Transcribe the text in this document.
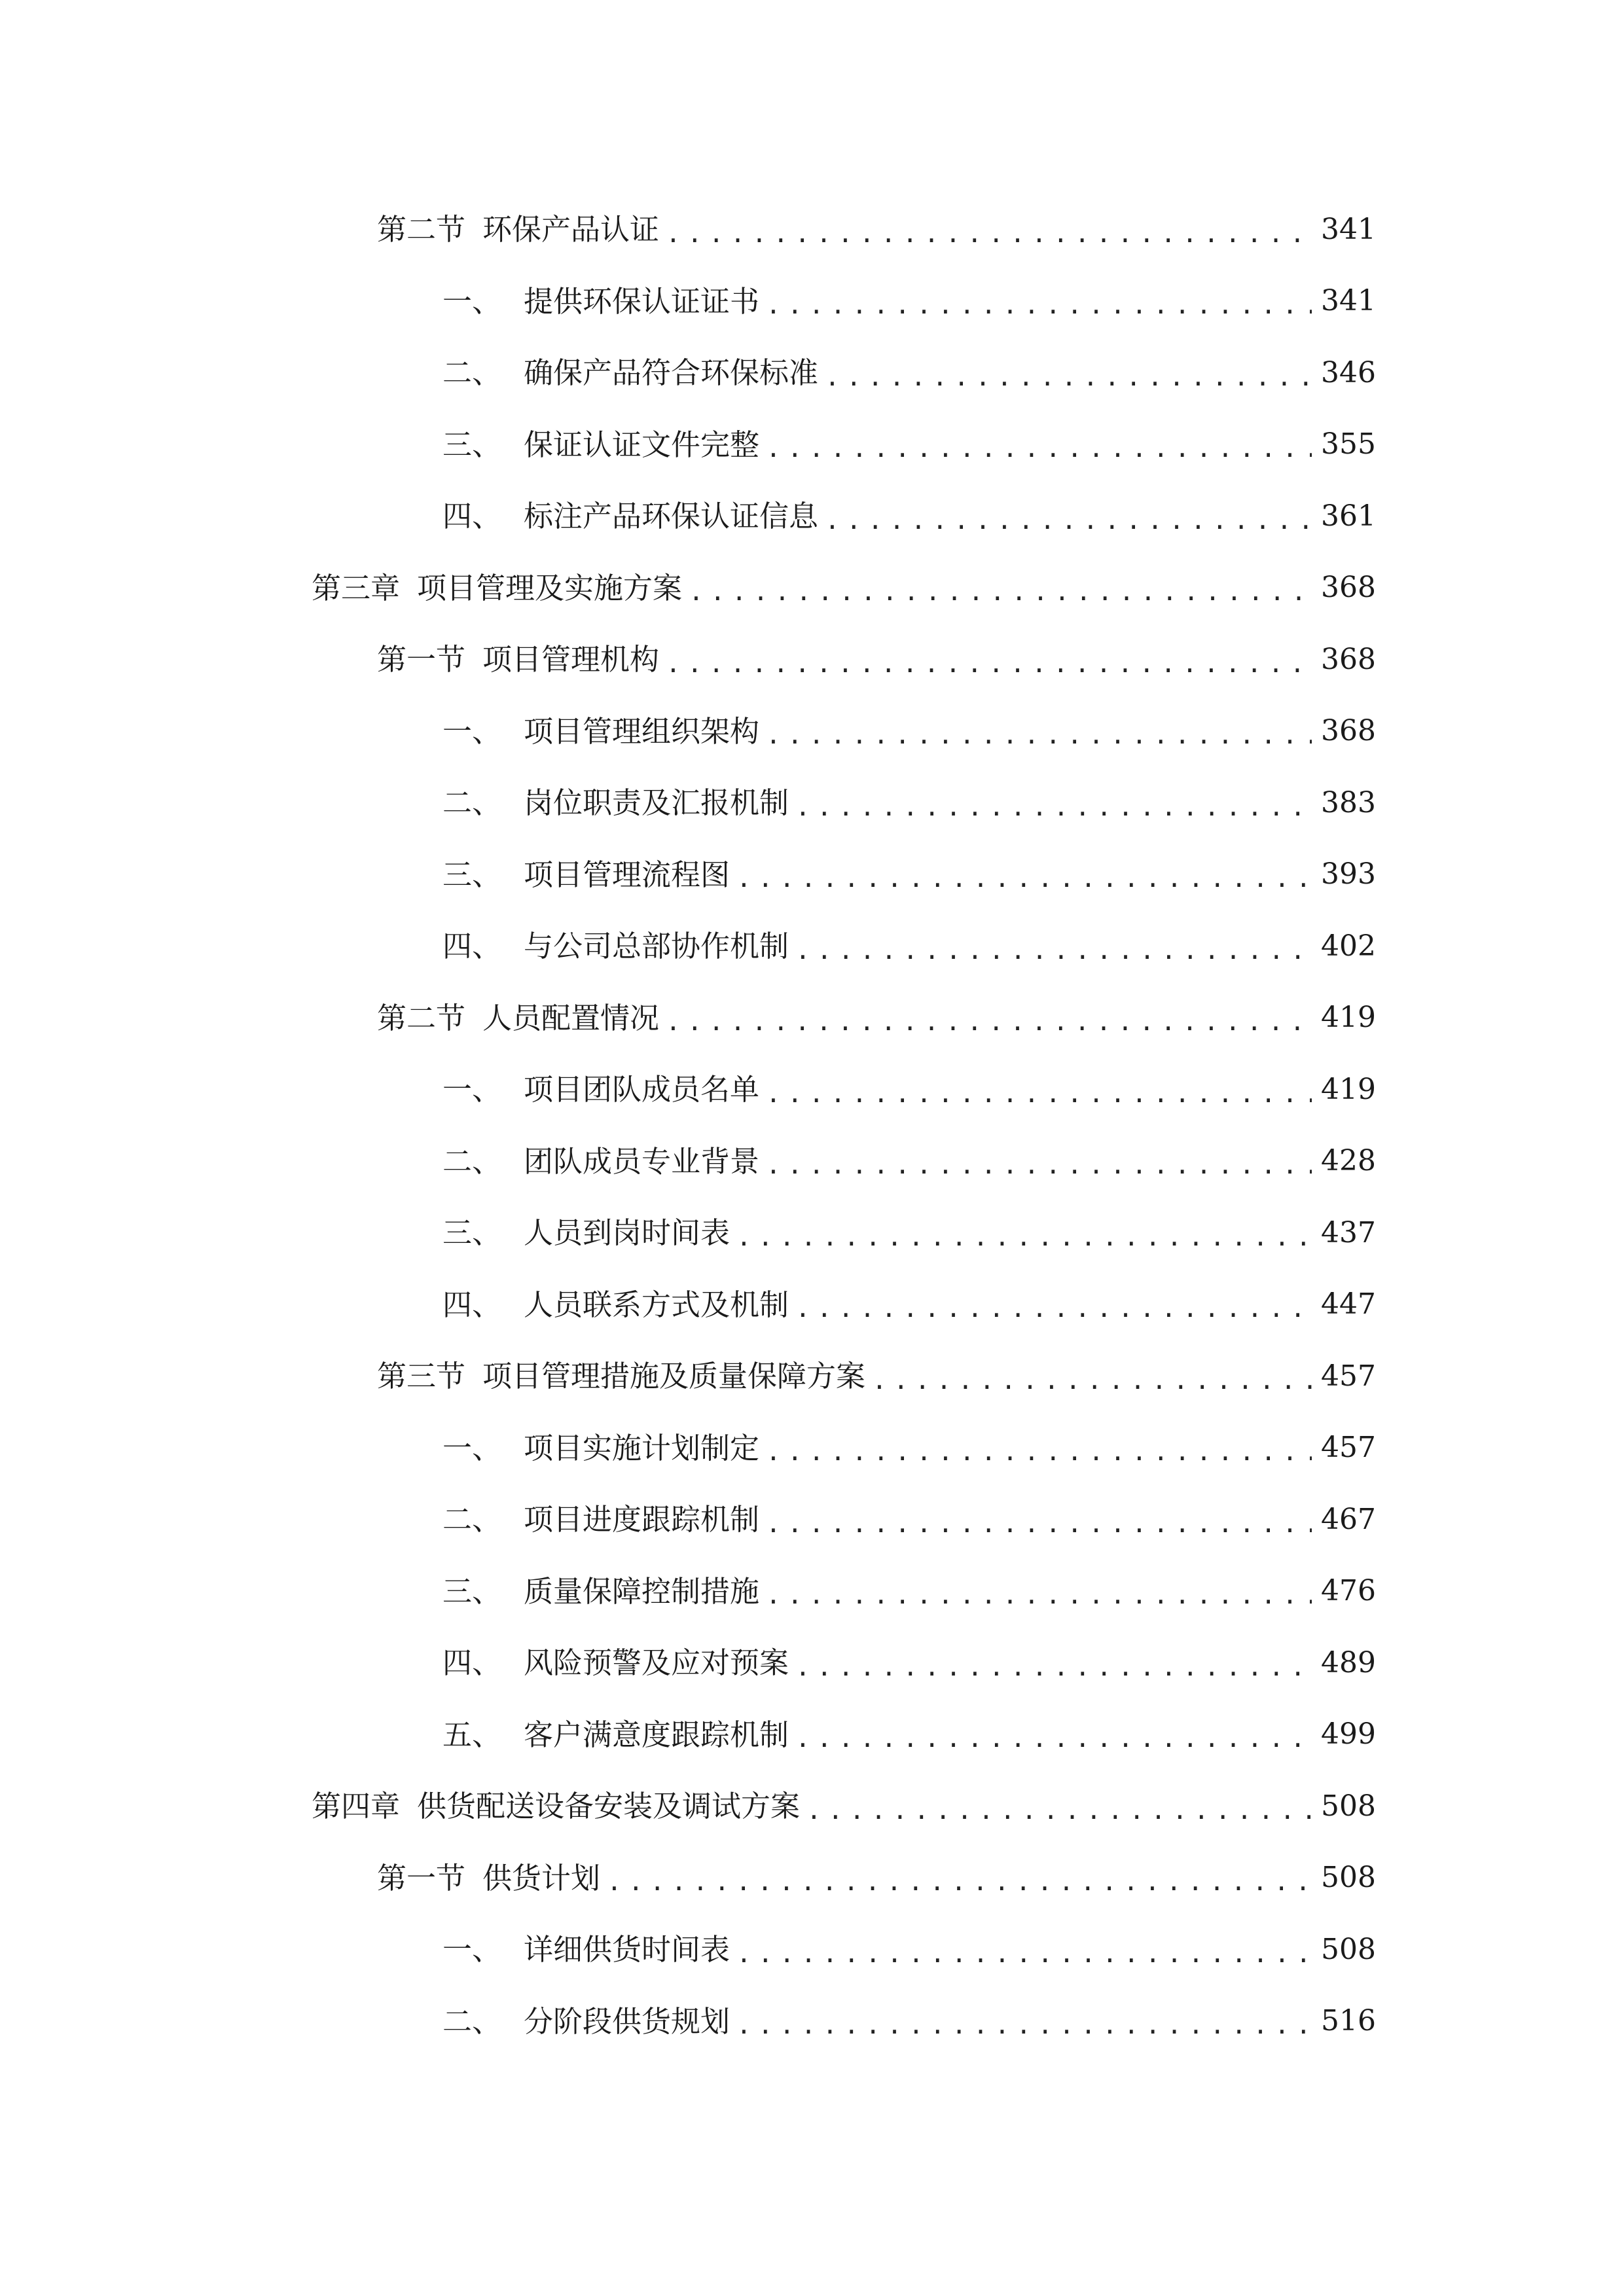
第二节 环保产品认证 .....	341
一、 提供环保认证证书 .....	341
二、 确保产品符合环保标准 .....	346
三、 保证认证文件完整 .....	355
四、 标注产品环保认证信息 .....	361
第三章 项目管理及实施方案 .....	368
第一节 项目管理机构 .....	368
一、 项目管理组织架构 .....	368
二、 岗位职责及汇报机制 .....	383
三、 项目管理流程图 .....	393
四、 与公司总部协作机制 .....	402
第二节 人员配置情况 .....	419
一、 项目团队成员名单 .....	419
二、 团队成员专业背景 .....	428
三、 人员到岗时间表 .....	437
四、 人员联系方式及机制 .....	447
第三节 项目管理措施及质量保障方案 .....	457
一、 项目实施计划制定 .....	457
二、 项目进度跟踪机制 .....	467
三、 质量保障控制措施 .....	476
四、 风险预警及应对预案 .....	489
五、 客户满意度跟踪机制 .....	499
第四章 供货配送设备安装及调试方案 .....	508
第一节 供货计划 .....	508
一、 详细供货时间表 .....	508
二、 分阶段供货规划 .....	516
